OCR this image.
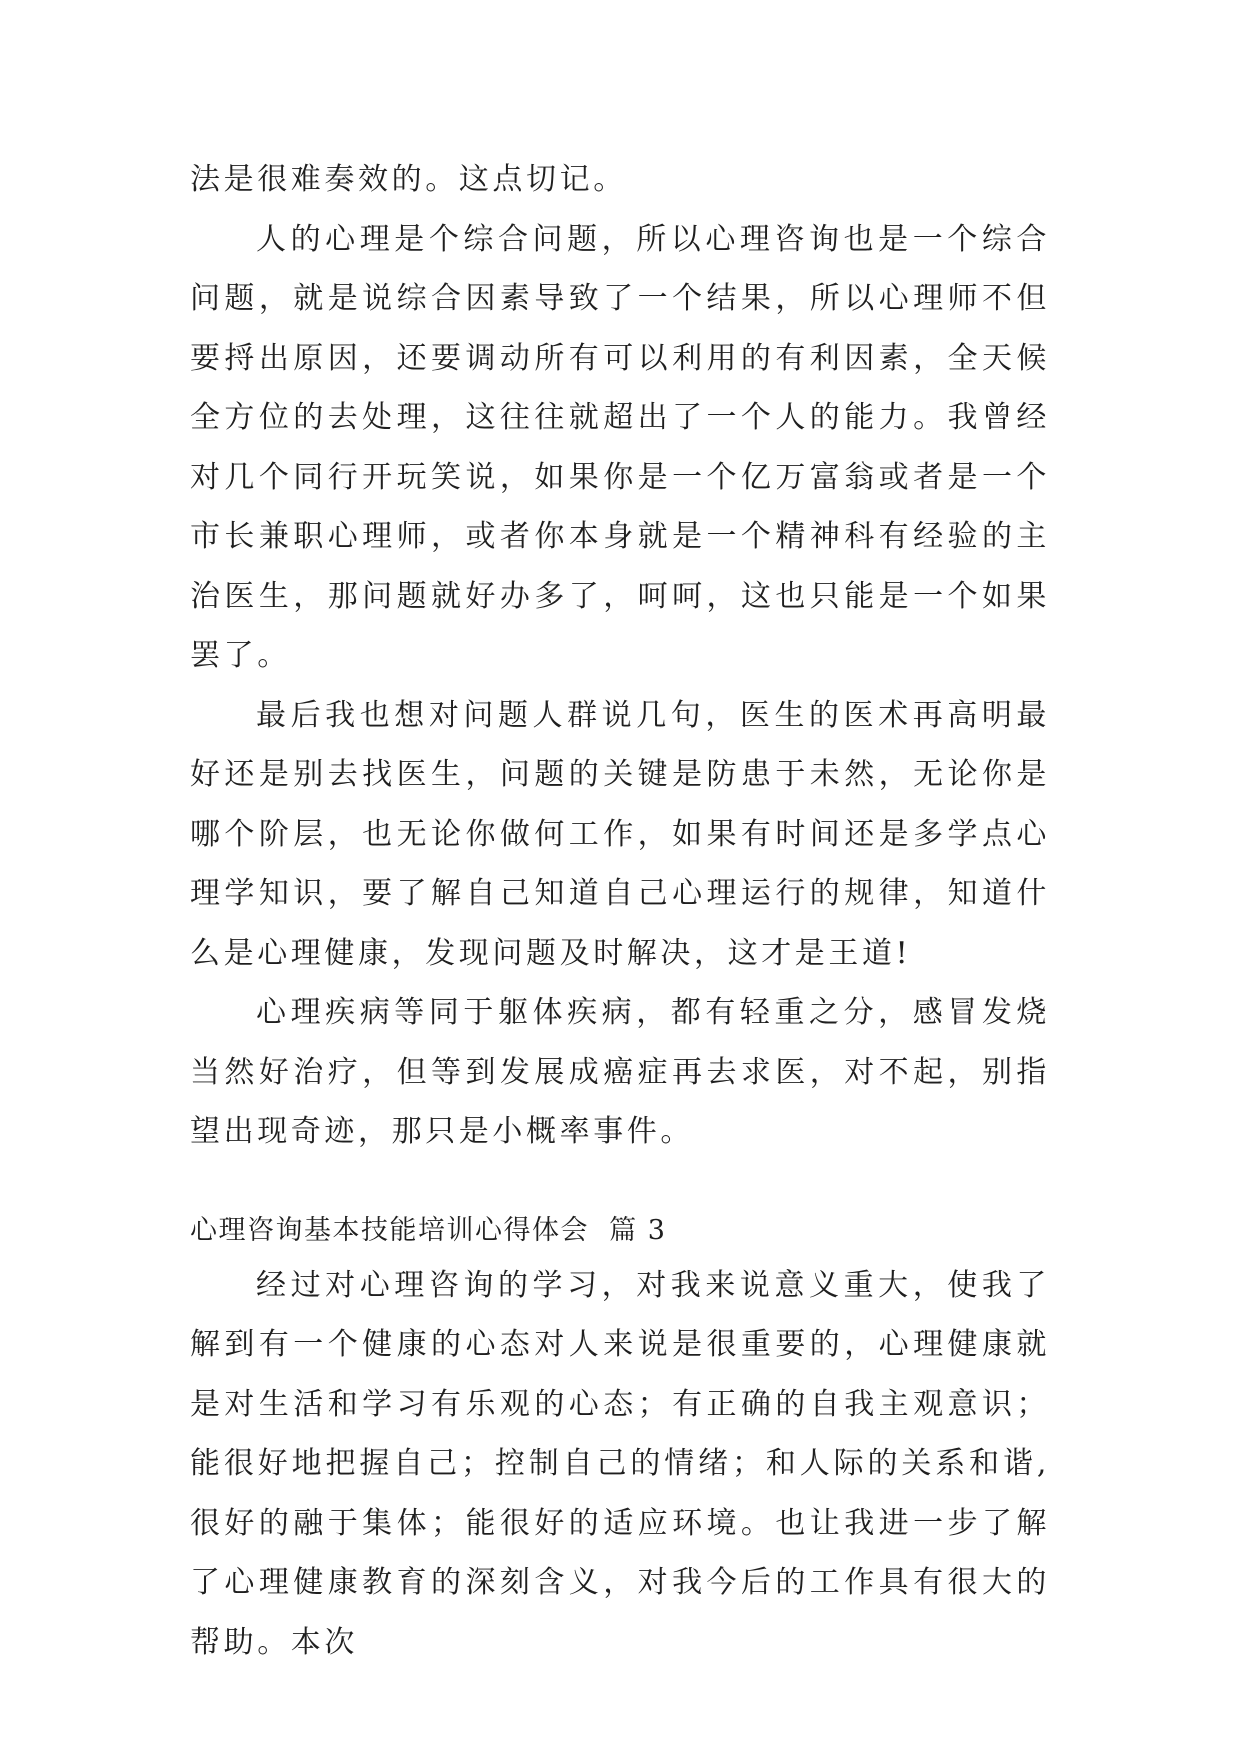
法是很难奏效的。这点切记。

人的心理是个综合问题，所以心理咨询也是一个综合问题，就是说综合因素导致了一个结果，所以心理师不但要捋出原因，还要调动所有可以利用的有利因素，全天候全方位的去处理，这往往就超出了一个人的能力。我曾经对几个同行开玩笑说，如果你是一个亿万富翁或者是一个市长兼职心理师，或者你本身就是一个精神科有经验的主治医生，那问题就好办多了，呵呵，这也只能是一个如果罢了。

最后我也想对问题人群说几句，医生的医术再高明最好还是别去找医生，问题的关键是防患于未然，无论你是哪个阶层，也无论你做何工作，如果有时间还是多学点心理学知识，要了解自己知道自己心理运行的规律，知道什么是心理健康，发现问题及时解决，这才是王道!

心理疾病等同于躯体疾病，都有轻重之分，感冒发烧当然好治疗，但等到发展成癌症再去求医，对不起，别指望出现奇迹，那只是小概率事件。

心理咨询基本技能培训心得体会  篇 3

经过对心理咨询的学习，对我来说意义重大，使我了解到有一个健康的心态对人来说是很重要的，心理健康就是对生活和学习有乐观的心态；有正确的自我主观意识；能很好地把握自己；控制自己的情绪；和人际的关系和谐,很好的融于集体；能很好的适应环境。也让我进一步了解了心理健康教育的深刻含义，对我今后的工作具有很大的帮助。本次
